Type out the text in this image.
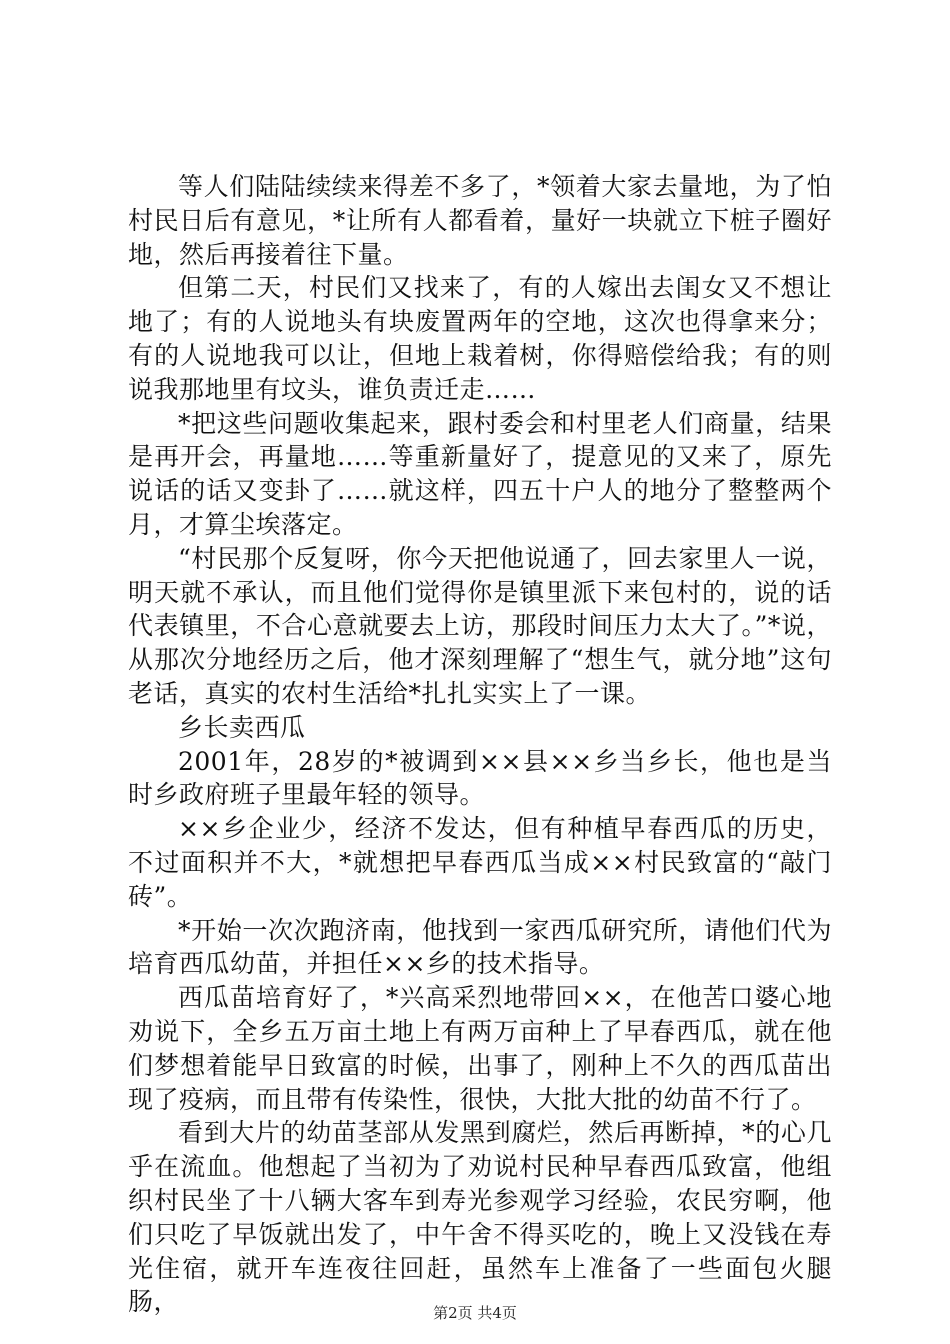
等人们陆陆续续来得差不多了，*领着大家去量地，为了怕村民日后有意见，*让所有人都看着，量好一块就立下桩子圈好地，然后再接着往下量。

但第二天，村民们又找来了，有的人嫁出去闺女又不想让地了；有的人说地头有块废置两年的空地，这次也得拿来分；有的人说地我可以让，但地上栽着树，你得赔偿给我；有的则说我那地里有坟头，谁负责迁走……

*把这些问题收集起来，跟村委会和村里老人们商量，结果是再开会，再量地……等重新量好了，提意见的又来了，原先说话的话又变卦了……就这样，四五十户人的地分了整整两个月，才算尘埃落定。

“村民那个反复呀，你今天把他说通了，回去家里人一说，明天就不承认，而且他们觉得你是镇里派下来包村的，说的话代表镇里，不合心意就要去上访，那段时间压力太大了。”*说，从那次分地经历之后，他才深刻理解了“想生气，就分地”这句老话，真实的农村生活给*扎扎实实上了一课。

乡长卖西瓜

2001年，28岁的*被调到××县××乡当乡长，他也是当时乡政府班子里最年轻的领导。

××乡企业少，经济不发达，但有种植早春西瓜的历史，不过面积并不大，*就想把早春西瓜当成××村民致富的“敲门砖”。

*开始一次次跑济南，他找到一家西瓜研究所，请他们代为培育西瓜幼苗，并担任××乡的技术指导。

西瓜苗培育好了，*兴高采烈地带回××，在他苦口婆心地劝说下，全乡五万亩土地上有两万亩种上了早春西瓜，就在他们梦想着能早日致富的时候，出事了，刚种上不久的西瓜苗出现了疫病，而且带有传染性，很快，大批大批的幼苗不行了。

看到大片的幼苗茎部从发黑到腐烂，然后再断掉，*的心几乎在流血。他想起了当初为了劝说村民种早春西瓜致富，他组织村民坐了十八辆大客车到寿光参观学习经验，农民穷啊，他们只吃了早饭就出发了，中午舍不得买吃的，晚上又没钱在寿光住宿，就开车连夜往回赶，虽然车上准备了一些面包火腿肠，	第2页 共4页
